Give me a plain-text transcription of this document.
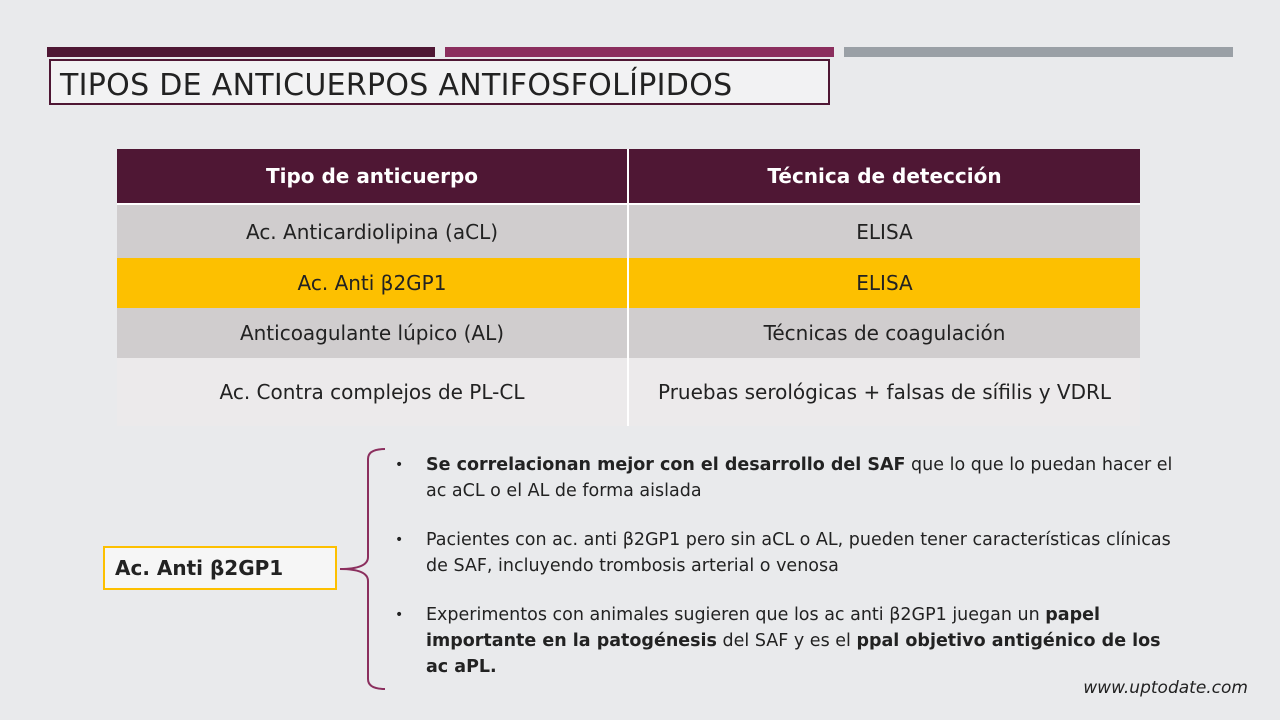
TIPOS DE ANTICUERPOS ANTIFOSFOLÍPIDOS
Tipo de anticuerpo	Técnica de detección
Ac. Anticardiolipina (aCL)	ELISA
Ac. Anti β2GP1	ELISA
Anticoagulante lúpico (AL)	Técnicas de coagulación
Ac. Contra complejos de PL-CL	Pruebas serológicas + falsas de sífilis y VDRL
Ac. Anti β2GP1
• Se correlacionan mejor con el desarrollo del SAF que lo que lo puedan hacer el ac aCL o el AL de forma aislada
• Pacientes con ac. anti β2GP1 pero sin aCL o AL, pueden tener características clínicas de SAF, incluyendo trombosis arterial o venosa
• Experimentos con animales sugieren que los ac anti β2GP1 juegan un papel importante en la patogénesis del SAF y es el ppal objetivo antigénico de los ac aPL.
www.uptodate.com
